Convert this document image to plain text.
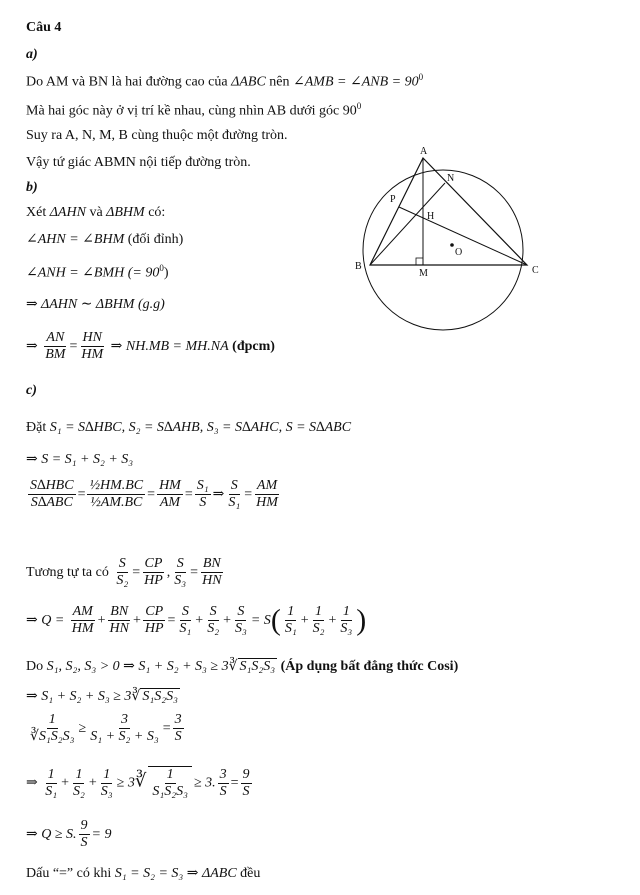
Câu 4
a)
Do AM và BN là hai đường cao của ΔABC nên ∠AMB = ∠ANB = $90^0$
Mà hai góc này ở vị trí kề nhau, cùng nhìn AB dưới góc $90^0$
Suy ra A, N, M, B cùng thuộc một đường tròn.
Vậy tứ giác ABMN nội tiếp đường tròn.
b)
Xét ΔAHN và ΔBHM có:
∠AHN = ∠BHM (đối đỉnh)
∠ANH = ∠BMH (= $90^0$)
⇒ ΔAHN ∼ ΔBHM (g.g)
⇒ $\frac{AN}{BM} = \frac{HN}{HM}$ ⇒ NH.MB = MH.NA (đpcm)
c)
Đặt S₁ = S∆HBC, S₂ = S∆AHB, S₃ = S∆AHC, S = S∆ABC
⇒ S = S₁ + S₂ + S₃
$\frac{\text{S∆HBC}}{\text{S∆ABC}} = \frac{\text{½HM.BC}}{\text{½AM.BC}} = \frac{HM}{AM} = \frac{\text{S₁}}{S}$ ⇒ $\frac{S}{\text{S₁}} = \frac{AM}{HM}$
Tương tự ta có $\frac{S}{\text{S₂}} = \frac{CP}{HP}$ , $\frac{S}{\text{S₃}} = \frac{BN}{HN}$
⇒ $Q = \frac{AM}{HM} + \frac{BN}{HN} + \frac{CP}{HP} = \frac{S}{\text{S₁}} + \frac{S}{\text{S₂}} + \frac{S}{\text{S₃}} = S( \frac{1}{\text{S₁}} + \frac{1}{\text{S₂}} + \frac{1}{\text{S₃}}$ )
Do S₁, S₂, S₃ > 0 ⇒ S₁ + S₂ + S₃ ≥ 3∛ S₁S₂S₃ (Áp dụng bất đẳng thức Cosi)
⇒ S₁ + S₂ + S₃ ≥ 3∛ S₁S₂S₃
$\frac{1}{\text{∛S₁S₂S₃}} \ge \frac{3}{\text{S₁ + S₂ + S₃}} = \frac{3}{S}$
⇒ $\frac{1}{\text{S₁}} + \frac{1}{\text{S₂}} + \frac{1}{\text{S₃}}$ ≥ 3∛ $\frac{1}{\text{S₁S₂S₃}} \ge 3$. $\frac{3}{S} = \frac{9}{S}$
⇒ Q ≥ S. $\frac{9}{S} = 9$
Dấu “=” có khi S₁ = S₂ = S₃ ⇒ ΔABC đều
A
B	C
M
N
P
H
O
